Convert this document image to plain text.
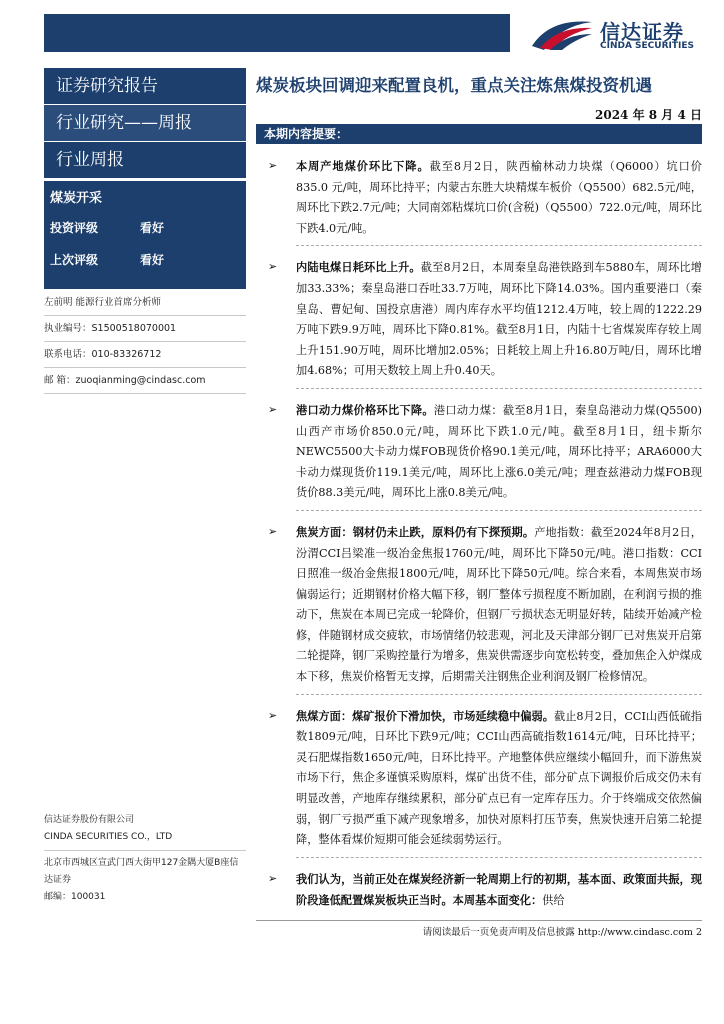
信达证券
CINDA SECURITIES
证券研究报告
行业研究——周报
行业周报
煤炭开采
投资评级	看好
上次评级	看好
左前明 能源行业首席分析师
执业编号：S1500518070001
联系电话：010-83326712
邮 箱：zuoqianming@cindasc.com
信达证券股份有限公司
CINDA SECURITIES CO.，LTD
北京市西城区宣武门西大街甲127金隅大厦B座信达证券
邮编：100031
煤炭板块回调迎来配置良机，重点关注炼焦煤投资机遇
2024 年 8 月 4 日
本期内容提要：
➢ 本周产地煤价环比下降。截至8月2日，陕西榆林动力块煤（Q6000）坑口价 835.0 元/吨，周环比持平；内蒙古东胜大块精煤车板价（Q5500）682.5元/吨，周环比下跌2.7元/吨；大同南郊粘煤坑口价(含税)（Q5500）722.0元/吨，周环比下跌4.0元/吨。
➢ 内陆电煤日耗环比上升。截至8月2日，本周秦皇岛港铁路到车5880车，周环比增加33.33%；秦皇岛港口吞吐33.7万吨，周环比下降14.03%。国内重要港口（秦皇岛、曹妃甸、国投京唐港）周内库存水平均值1212.4万吨，较上周的1222.29万吨下跌9.9万吨，周环比下降0.81%。截至8月1日，内陆十七省煤炭库存较上周上升151.90万吨，周环比增加2.05%；日耗较上周上升16.80万吨/日，周环比增加4.68%；可用天数较上周上升0.40天。
➢ 港口动力煤价格环比下降。港口动力煤：截至8月1日，秦皇岛港动力煤(Q5500)山西产市场价850.0元/吨，周环比下跌1.0元/吨。截至8月1日，纽卡斯尔NEWC5500大卡动力煤FOB现货价格90.1美元/吨，周环比持平；ARA6000大卡动力煤现货价119.1美元/吨，周环比上涨6.0美元/吨；理查兹港动力煤FOB现货价88.3美元/吨，周环比上涨0.8美元/吨。
➢ 焦炭方面：钢材仍未止跌，原料仍有下探预期。产地指数：截至2024年8月2日，汾渭CCI吕梁准一级冶金焦报1760元/吨，周环比下降50元/吨。港口指数：CCI日照准一级冶金焦报1800元/吨，周环比下降50元/吨。综合来看，本周焦炭市场偏弱运行；近期钢材价格大幅下移，钢厂整体亏损程度不断加剧，在利润亏损的推动下，焦炭在本周已完成一轮降价，但钢厂亏损状态无明显好转，陆续开始减产检修，伴随钢材成交疲软，市场情绪仍较悲观，河北及天津部分钢厂已对焦炭开启第二轮提降，钢厂采购控量行为增多，焦炭供需逐步向宽松转变，叠加焦企入炉煤成本下移，焦炭价格暂无支撑，后期需关注钢焦企业利润及钢厂检修情况。
➢ 焦煤方面：煤矿报价下滑加快，市场延续稳中偏弱。截止8月2日，CCI山西低硫指数1809元/吨，日环比下跌9元/吨；CCI山西高硫指数1614元/吨，日环比持平；灵石肥煤指数1650元/吨，日环比持平。产地整体供应继续小幅回升，而下游焦炭市场下行，焦企多谨慎采购原料，煤矿出货不佳，部分矿点下调报价后成交仍未有明显改善，产地库存继续累积，部分矿点已有一定库存压力。介于终端成交依然偏弱，钢厂亏损严重下减产现象增多，加快对原料打压节奏，焦炭快速开启第二轮提降，整体看煤价短期可能会延续弱势运行。
➢ 我们认为，当前正处在煤炭经济新一轮周期上行的初期，基本面、政策面共振，现阶段逢低配置煤炭板块正当时。本周基本面变化：供给
请阅读最后一页免责声明及信息披露 http://www.cindasc.com 2
